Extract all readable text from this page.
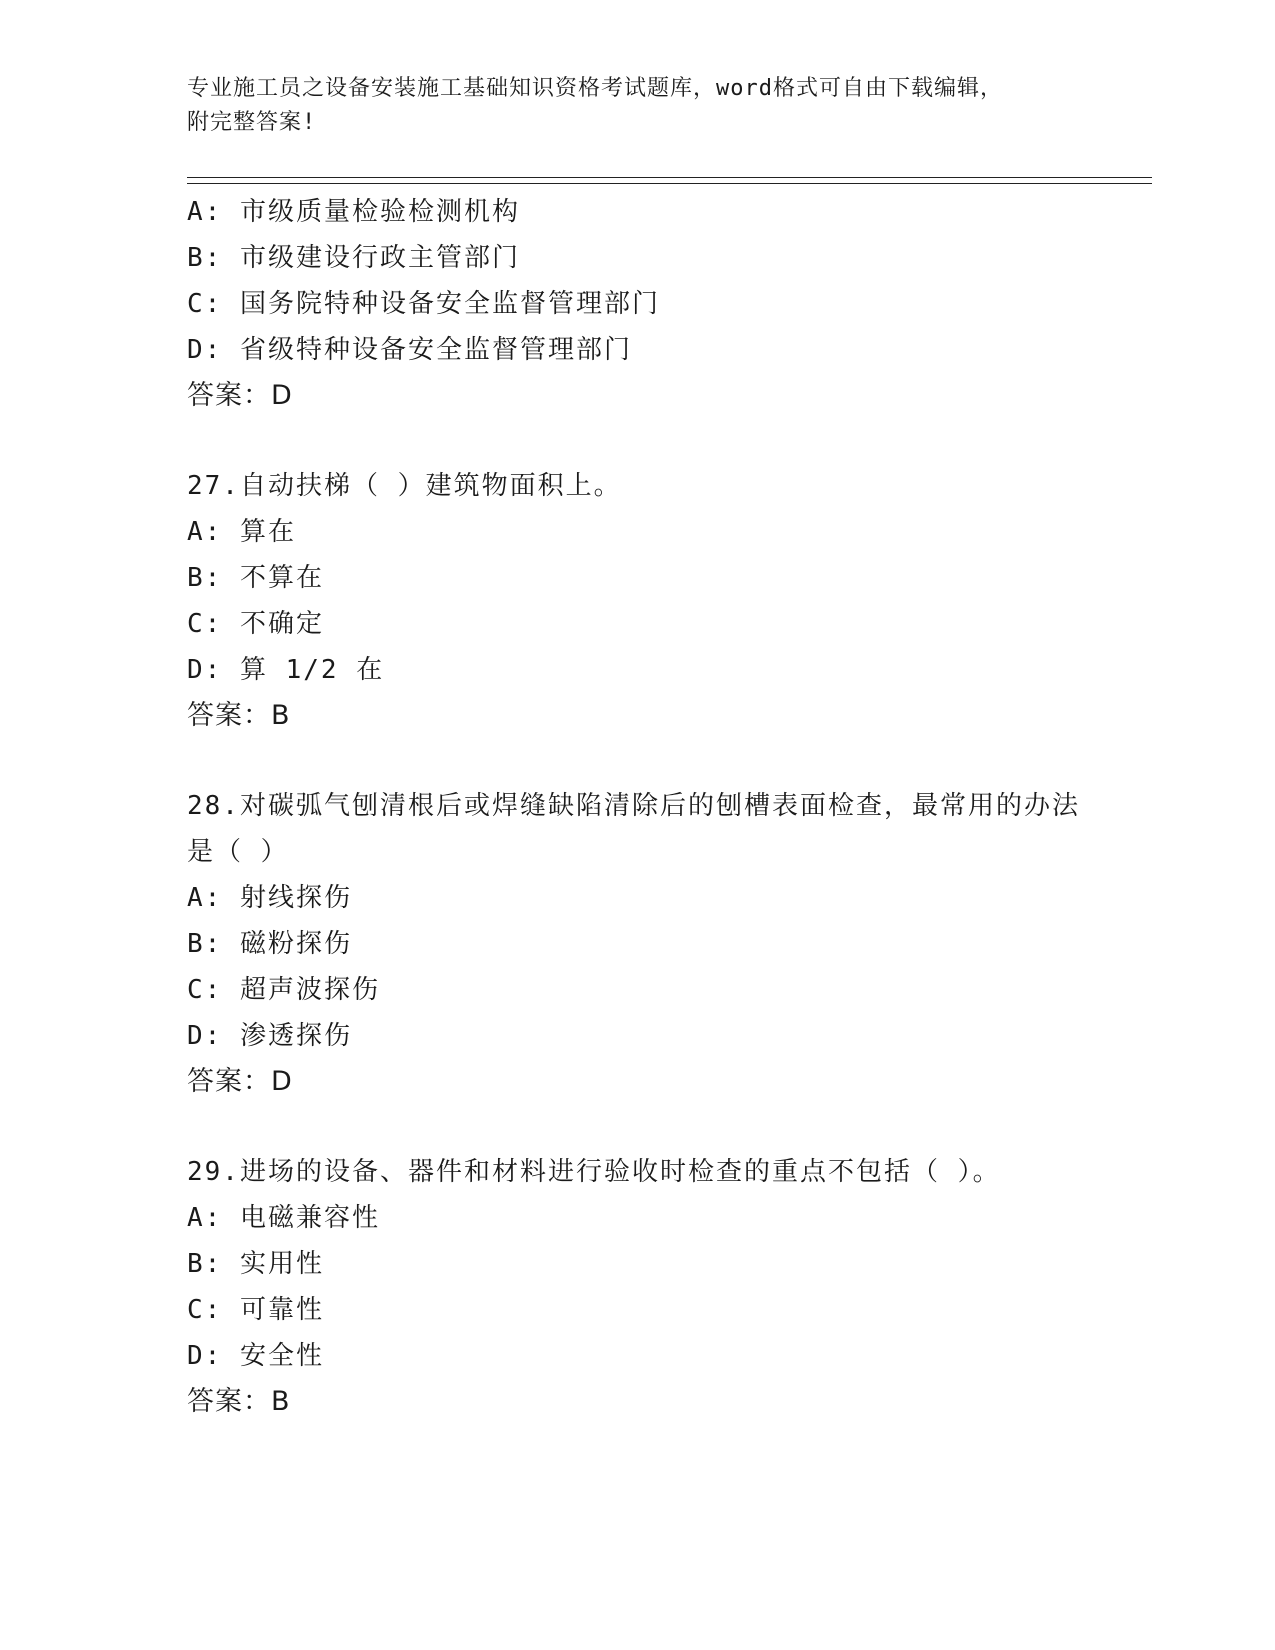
专业施工员之设备安装施工基础知识资格考试题库，word格式可自由下载编辑，
附完整答案!
A: 市级质量检验检测机构
B: 市级建设行政主管部门
C: 国务院特种设备安全监督管理部门
D: 省级特种设备安全监督管理部门
答案：D
27.自动扶梯（ ）建筑物面积上。
A: 算在
B: 不算在
C: 不确定
D: 算 1/2 在
答案：B
28.对碳弧气刨清根后或焊缝缺陷清除后的刨槽表面检查，最常用的办法是（ ）
A: 射线探伤
B: 磁粉探伤
C: 超声波探伤
D: 渗透探伤
答案：D
29.进场的设备、器件和材料进行验收时检查的重点不包括（ ）。
A: 电磁兼容性
B: 实用性
C: 可靠性
D: 安全性
答案：B
